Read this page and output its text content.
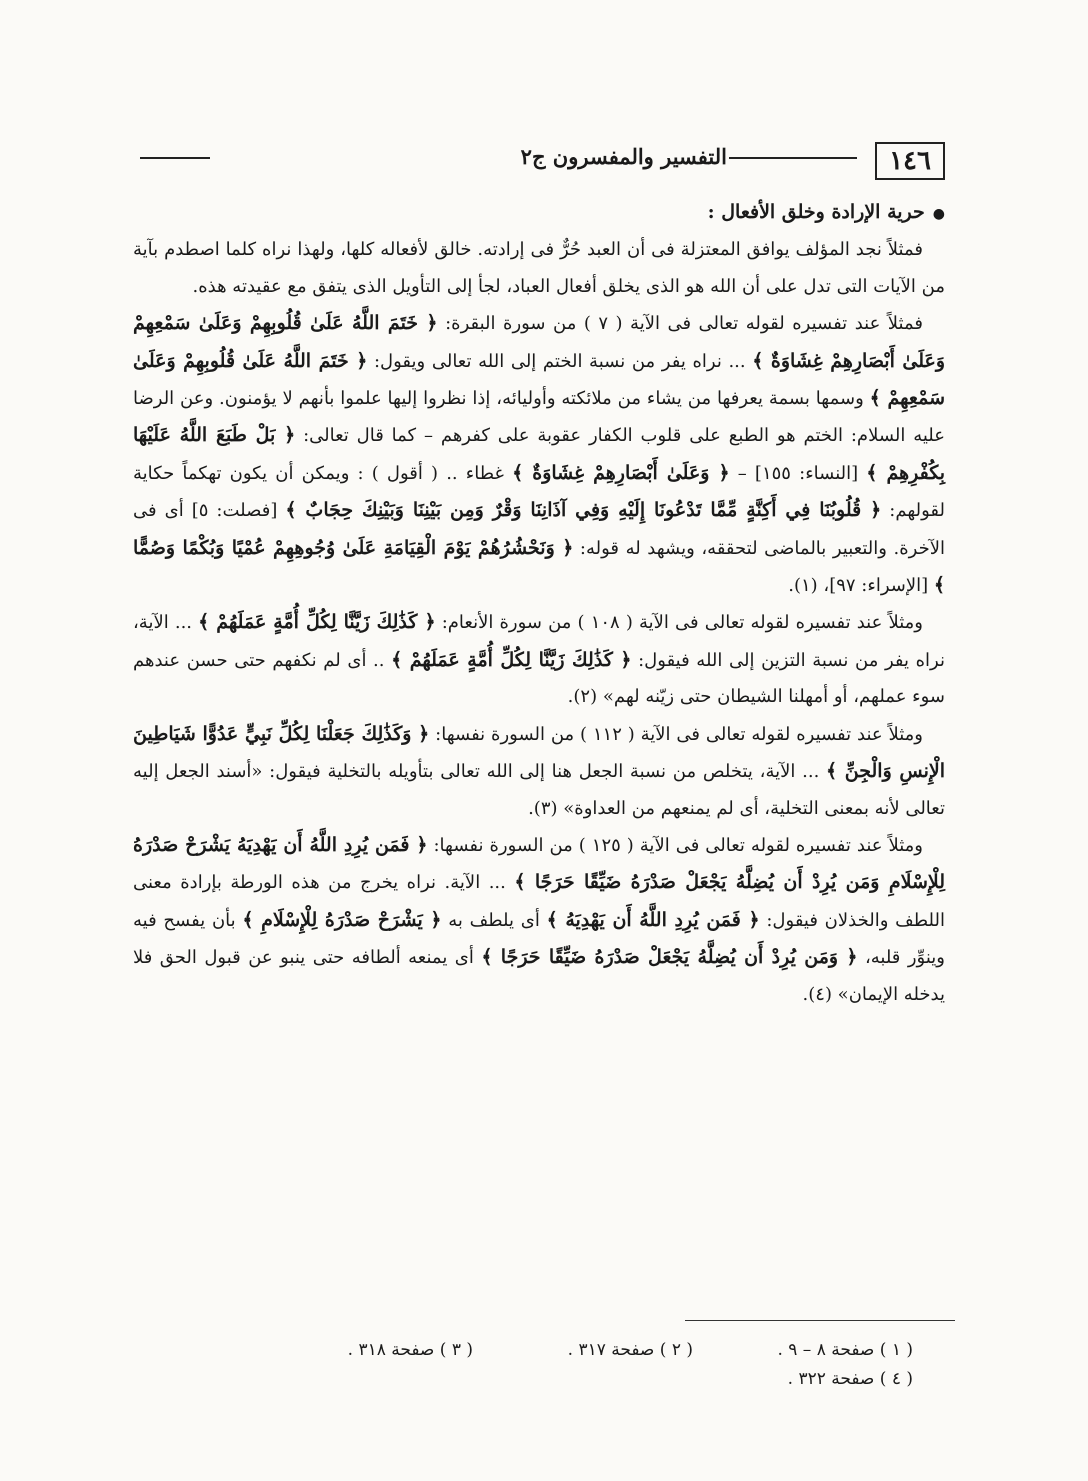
١٤٦
التفسير والمفسرون ج٢

●حرية الإرادة وخلق الأفعال :

فمثلاً نجد المؤلف يوافق المعتزلة فى أن العبد حُرٌّ فى إرادته. خالق لأفعاله كلها، ولهذا نراه كلما اصطدم بآية من الآيات التى تدل على أن الله هو الذى يخلق أفعال العباد، لجأ إلى التأويل الذى يتفق مع عقيدته هذه.

فمثلاً عند تفسيره لقوله تعالى فى الآية ( ٧ ) من سورة البقرة: ﴿ خَتَمَ اللَّهُ عَلَىٰ قُلُوبِهِمْ وَعَلَىٰ سَمْعِهِمْ وَعَلَىٰ أَبْصَارِهِمْ غِشَاوَةٌ ﴾ ... نراه يفر من نسبة الختم إلى الله تعالى ويقول: ﴿ خَتَمَ اللَّهُ عَلَىٰ قُلُوبِهِمْ وَعَلَىٰ سَمْعِهِمْ ﴾ وسمها بسمة يعرفها من يشاء من ملائكته وأوليائه، إذا نظروا إليها علموا بأنهم لا يؤمنون. وعن الرضا عليه السلام: الختم هو الطبع على قلوب الكفار عقوبة على كفرهم – كما قال تعالى: ﴿ بَلْ طَبَعَ اللَّهُ عَلَيْهَا بِكُفْرِهِمْ ﴾ [النساء: ١٥٥] – ﴿ وَعَلَىٰ أَبْصَارِهِمْ غِشَاوَةٌ ﴾ غطاء .. ( أقول ) : ويمكن أن يكون تهكماً حكاية لقولهم: ﴿ قُلُوبُنَا فِي أَكِنَّةٍ مِّمَّا تَدْعُونَا إِلَيْهِ وَفِي آذَانِنَا وَقْرٌ وَمِن بَيْنِنَا وَبَيْنِكَ حِجَابٌ ﴾ [فصلت: ٥] أى فى الآخرة. والتعبير بالماضى لتحققه، ويشهد له قوله: ﴿ وَنَحْشُرُهُمْ يَوْمَ الْقِيَامَةِ عَلَىٰ وُجُوهِهِمْ عُمْيًا وَبُكْمًا وَصُمًّا ﴾ [الإسراء: ٩٧]، (١).

ومثلاً عند تفسيره لقوله تعالى فى الآية ( ١٠٨ ) من سورة الأنعام: ﴿ كَذَٰلِكَ زَيَّنَّا لِكُلِّ أُمَّةٍ عَمَلَهُمْ ﴾ ... الآية، نراه يفر من نسبة التزين إلى الله فيقول: ﴿ كَذَٰلِكَ زَيَّنَّا لِكُلِّ أُمَّةٍ عَمَلَهُمْ ﴾ .. أى لم نكفهم حتى حسن عندهم سوء عملهم، أو أمهلنا الشيطان حتى زيّنه لهم» (٢).

ومثلاً عند تفسيره لقوله تعالى فى الآية ( ١١٢ ) من السورة نفسها: ﴿ وَكَذَٰلِكَ جَعَلْنَا لِكُلِّ نَبِيٍّ عَدُوًّا شَيَاطِينَ الْإِنسِ وَالْجِنِّ ﴾ ... الآية، يتخلص من نسبة الجعل هنا إلى الله تعالى بتأويله بالتخلية فيقول: «أسند الجعل إليه تعالى لأنه بمعنى التخلية، أى لم يمنعهم من العداوة» (٣).

ومثلاً عند تفسيره لقوله تعالى فى الآية ( ١٢٥ ) من السورة نفسها: ﴿ فَمَن يُرِدِ اللَّهُ أَن يَهْدِيَهُ يَشْرَحْ صَدْرَهُ لِلْإِسْلَامِ وَمَن يُرِدْ أَن يُضِلَّهُ يَجْعَلْ صَدْرَهُ ضَيِّقًا حَرَجًا ﴾ ... الآية. نراه يخرج من هذه الورطة بإرادة معنى اللطف والخذلان فيقول: ﴿ فَمَن يُرِدِ اللَّهُ أَن يَهْدِيَهُ ﴾ أى يلطف به ﴿ يَشْرَحْ صَدْرَهُ لِلْإِسْلَامِ ﴾ بأن يفسح فيه وينوِّر قلبه، ﴿ وَمَن يُرِدْ أَن يُضِلَّهُ يَجْعَلْ صَدْرَهُ ضَيِّقًا حَرَجًا ﴾ أى يمنعه ألطافه حتى ينبو عن قبول الحق فلا يدخله الإيمان» (٤).

( ١ ) صفحة ٨ – ٩ .
( ٢ ) صفحة ٣١٧ .
( ٣ ) صفحة ٣١٨ .
( ٤ ) صفحة ٣٢٢ .
